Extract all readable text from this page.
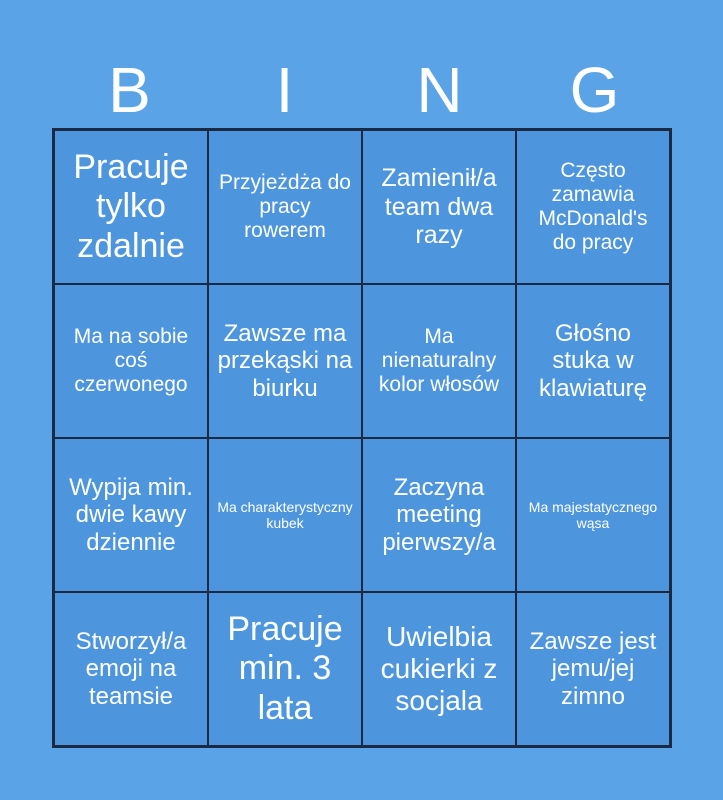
B	I	N	G
Pracuje tylko zdalnie
Przyjeżdża do pracy rowerem
Zamienił/a team dwa razy
Często zamawia McDonald's do pracy
Ma na sobie coś czerwonego
Zawsze ma przekąski na biurku
Ma nienaturalny kolor włosów
Głośno stuka w klawiaturę
Wypija min. dwie kawy dziennie
Ma charakterystyczny kubek
Zaczyna meeting pierwszy/a
Ma majestatycznego wąsa
Stworzył/a emoji na teamsie
Pracuje min. 3 lata
Uwielbia cukierki z socjala
Zawsze jest jemu/jej zimno
